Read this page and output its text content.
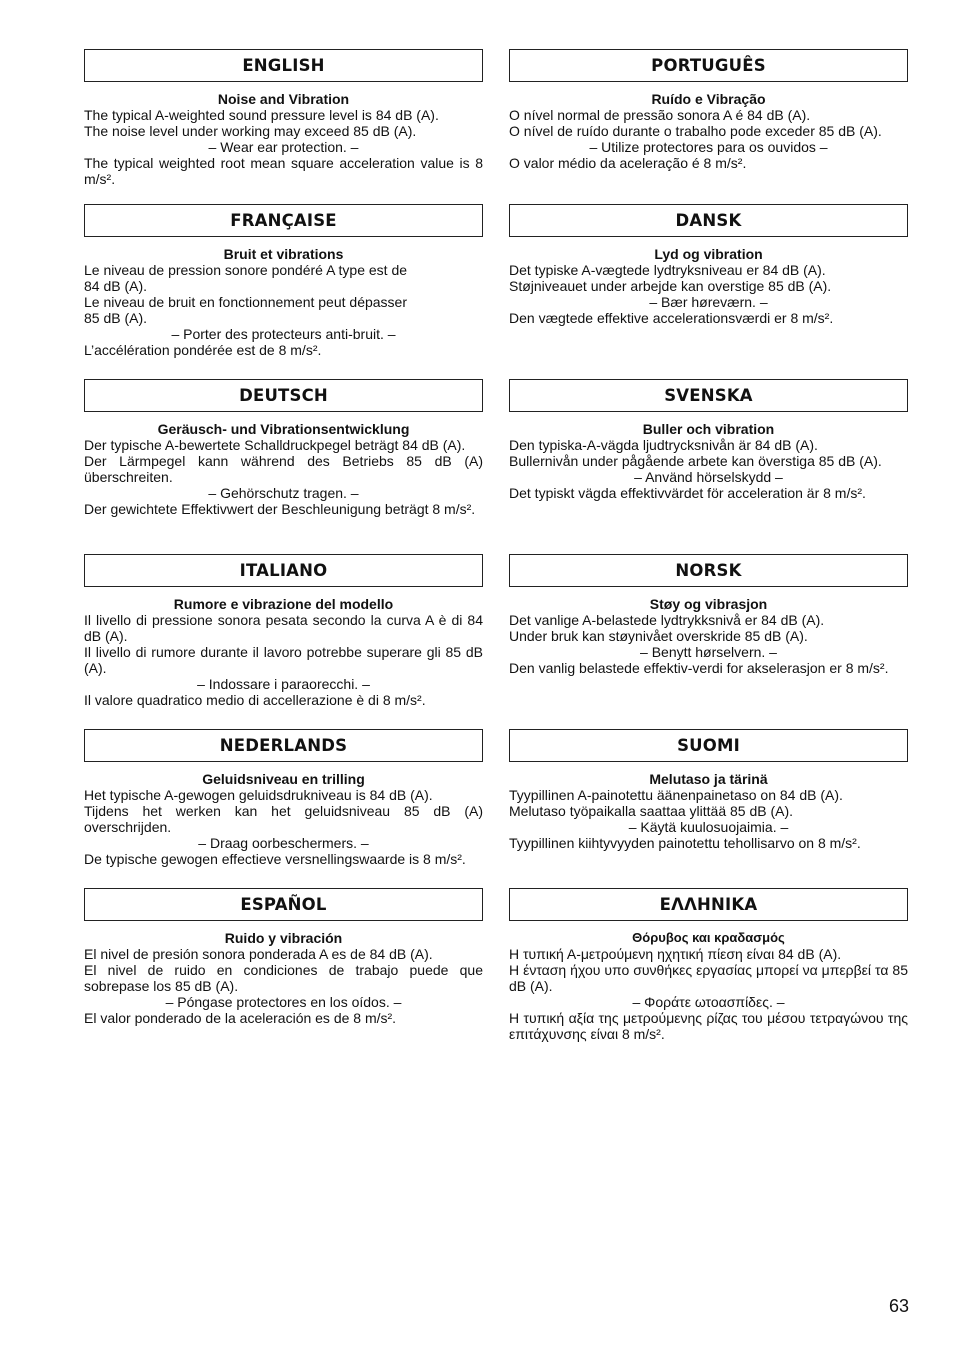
ENGLISH
Noise and Vibration
The typical A-weighted sound pressure level is 84 dB (A).
The noise level under working may exceed 85 dB (A).
– Wear ear protection. –
The typical weighted root mean square acceleration value is 8 m/s².
PORTUGUÊS
Ruído e Vibração
O nível normal de pressão sonora A é 84 dB (A).
O nível de ruído durante o trabalho pode exceder 85 dB (A).
– Utilize protectores para os ouvidos –
O valor médio da aceleração é 8 m/s².
FRANÇAISE
Bruit et vibrations
Le niveau de pression sonore pondéré A type est de
84 dB (A).
Le niveau de bruit en fonctionnement peut dépasser
85 dB (A).
– Porter des protecteurs anti-bruit. –
L’accélération pondérée est de 8 m/s².
DANSK
Lyd og vibration
Det typiske A-vægtede lydtryksniveau er 84 dB (A).
Støjniveauet under arbejde kan overstige 85 dB (A).
– Bær høreværn. –
Den vægtede effektive accelerationsværdi er 8 m/s².
DEUTSCH
Geräusch- und Vibrationsentwicklung
Der typische A-bewertete Schalldruckpegel beträgt 84 dB (A).
Der Lärmpegel kann während des Betriebs 85 dB (A) überschreiten.
– Gehörschutz tragen. –
Der gewichtete Effektivwert der Beschleunigung beträgt 8 m/s².
SVENSKA
Buller och vibration
Den typiska-A-vägda ljudtrycksnivån är 84 dB (A).
Bullernivån under pågående arbete kan överstiga 85 dB (A).
– Använd hörselskydd –
Det typiskt vägda effektivvärdet för acceleration är 8 m/s².
ITALIANO
Rumore e vibrazione del modello
Il livello di pressione sonora pesata secondo la curva A è di 84 dB (A).
Il livello di rumore durante il lavoro potrebbe superare gli 85 dB (A).
– Indossare i paraorecchi. –
Il valore quadratico medio di accellerazione è di 8 m/s².
NORSK
Støy og vibrasjon
Det vanlige A-belastede lydtrykksnivå er 84 dB (A).
Under bruk kan støynivået overskride 85 dB (A).
– Benytt hørselvern. –
Den vanlig belastede effektiv-verdi for akselerasjon er 8 m/s².
NEDERLANDS
Geluidsniveau en trilling
Het typische A-gewogen geluidsdrukniveau is 84 dB (A).
Tijdens het werken kan het geluidsniveau 85 dB (A) overschrijden.
– Draag oorbeschermers. –
De typische gewogen effectieve versnellingswaarde is 8 m/s².
SUOMI
Melutaso ja tärinä
Tyypillinen A-painotettu äänenpainetaso on 84 dB (A).
Melutaso työpaikalla saattaa ylittää 85 dB (A).
– Käytä kuulosuojaimia. –
Tyypillinen kiihtyvyyden painotettu tehollisarvo on 8 m/s².
ESPAÑOL
Ruido y vibración
El nivel de presión sonora ponderada A es de 84 dB (A).
El nivel de ruido en condiciones de trabajo puede que sobrepase los 85 dB (A).
– Póngase protectores en los oídos. –
El valor ponderado de la aceleración es de 8 m/s².
ΕΛΛΗΝΙΚΑ
Θόρυβος και κραδασμός
Η τυπική Α-μετρούμενη ηχητική πίεση είναι 84 dB (A).
Η ένταση ήχου υπο συνθήκες εργασίας μπορεί να μπερβεί τα 85 dB (A).
– Φοράτε ωτοασπίδες. –
Η τυπική αξία της μετρούμενης ρίζας του μέσου τετραγώνου της επιτάχυνσης είναι 8 m/s².
63
